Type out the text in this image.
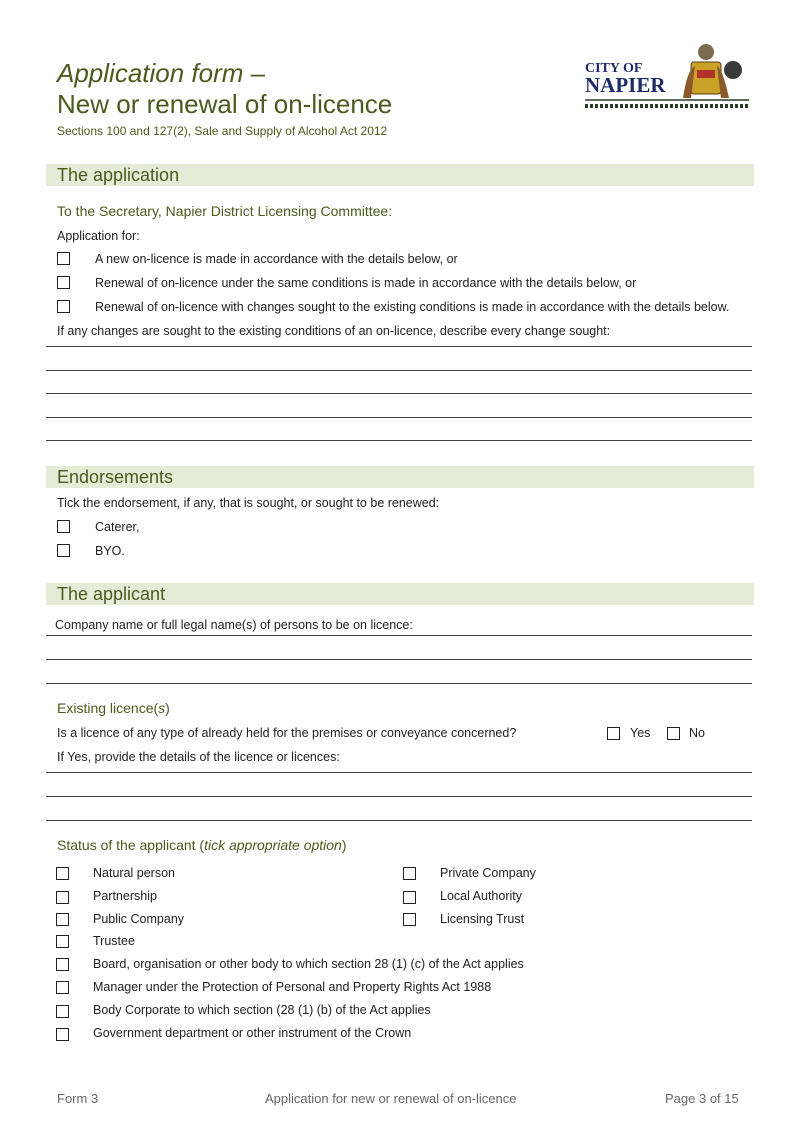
Application form –
New or renewal of on-licence
Sections 100 and 127(2), Sale and Supply of Alcohol Act 2012
CITY OF
NAPIER
The application
To the Secretary, Napier District Licensing Committee:
Application for:
A new on-licence is made in accordance with the details below, or
Renewal of on-licence under the same conditions is made in accordance with the details below, or
Renewal of on-licence with changes sought to the existing conditions is made in accordance with the details below.
If any changes are sought to the existing conditions of an on-licence, describe every change sought:
Endorsements
Tick the endorsement, if any, that is sought, or sought to be renewed:
Caterer,
BYO.
The applicant
Company name or full legal name(s) of persons to be on licence:
Existing licence(s)
Is a licence of any type of already held for the premises or conveyance concerned?	Yes	No
If Yes, provide the details of the licence or licences:
Status of the applicant (tick appropriate option)
Natural person
Partnership
Public Company
Trustee
Board, organisation or other body to which section 28 (1) (c) of the Act applies
Manager under the Protection of Personal and Property Rights Act 1988
Body Corporate to which section (28 (1) (b) of the Act applies
Government department or other instrument of the Crown
Private Company
Local Authority
Licensing Trust
Form 3	Application for new or renewal of on-licence	Page 3 of 15
